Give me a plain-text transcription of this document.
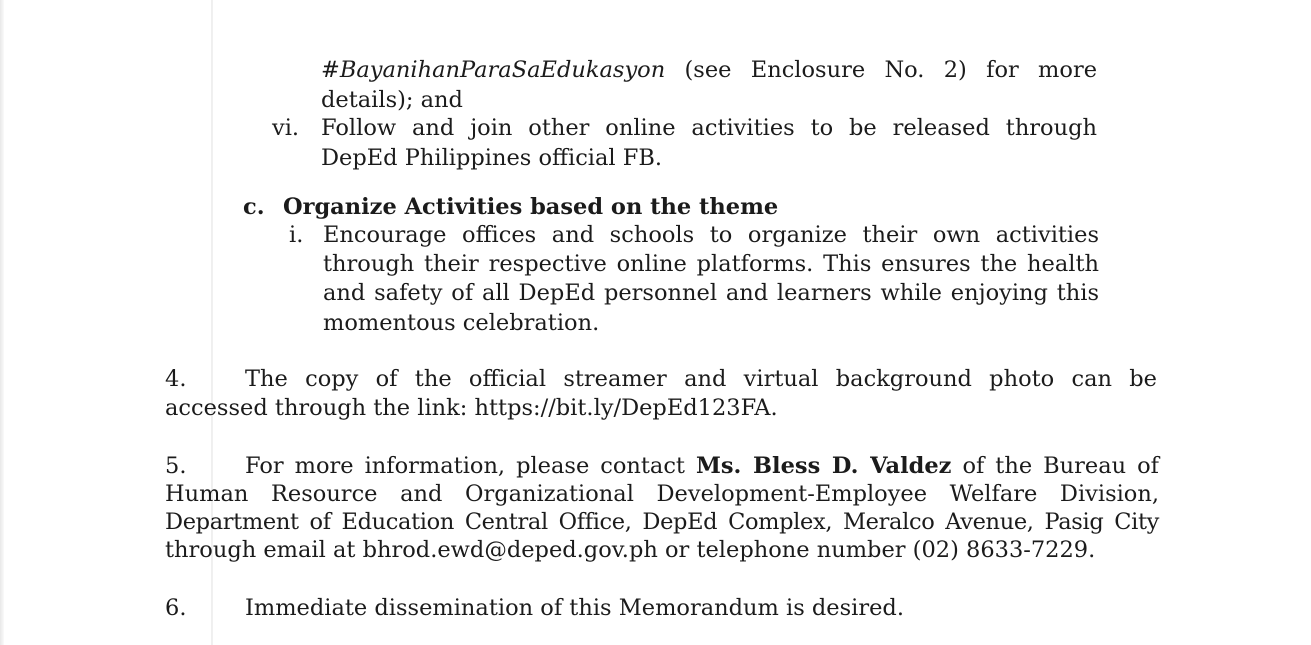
#BayanihanParaSaEdukasyon (see Enclosure No. 2) for more
details); and
vi. Follow and join other online activities to be released through
DepEd Philippines official FB.
c. Organize Activities based on the theme
i. Encourage offices and schools to organize their own activities
through their respective online platforms. This ensures the health
and safety of all DepEd personnel and learners while enjoying this
momentous celebration.
4.	The copy of the official streamer and virtual background photo can be
accessed through the link: https://bit.ly/DepEd123FA.
5.	For more information, please contact Ms. Bless D. Valdez of the Bureau of
Human Resource and Organizational Development-Employee Welfare Division,
Department of Education Central Office, DepEd Complex, Meralco Avenue, Pasig City
through email at bhrod.ewd@deped.gov.ph or telephone number (02) 8633-7229.
6.	Immediate dissemination of this Memorandum is desired.
